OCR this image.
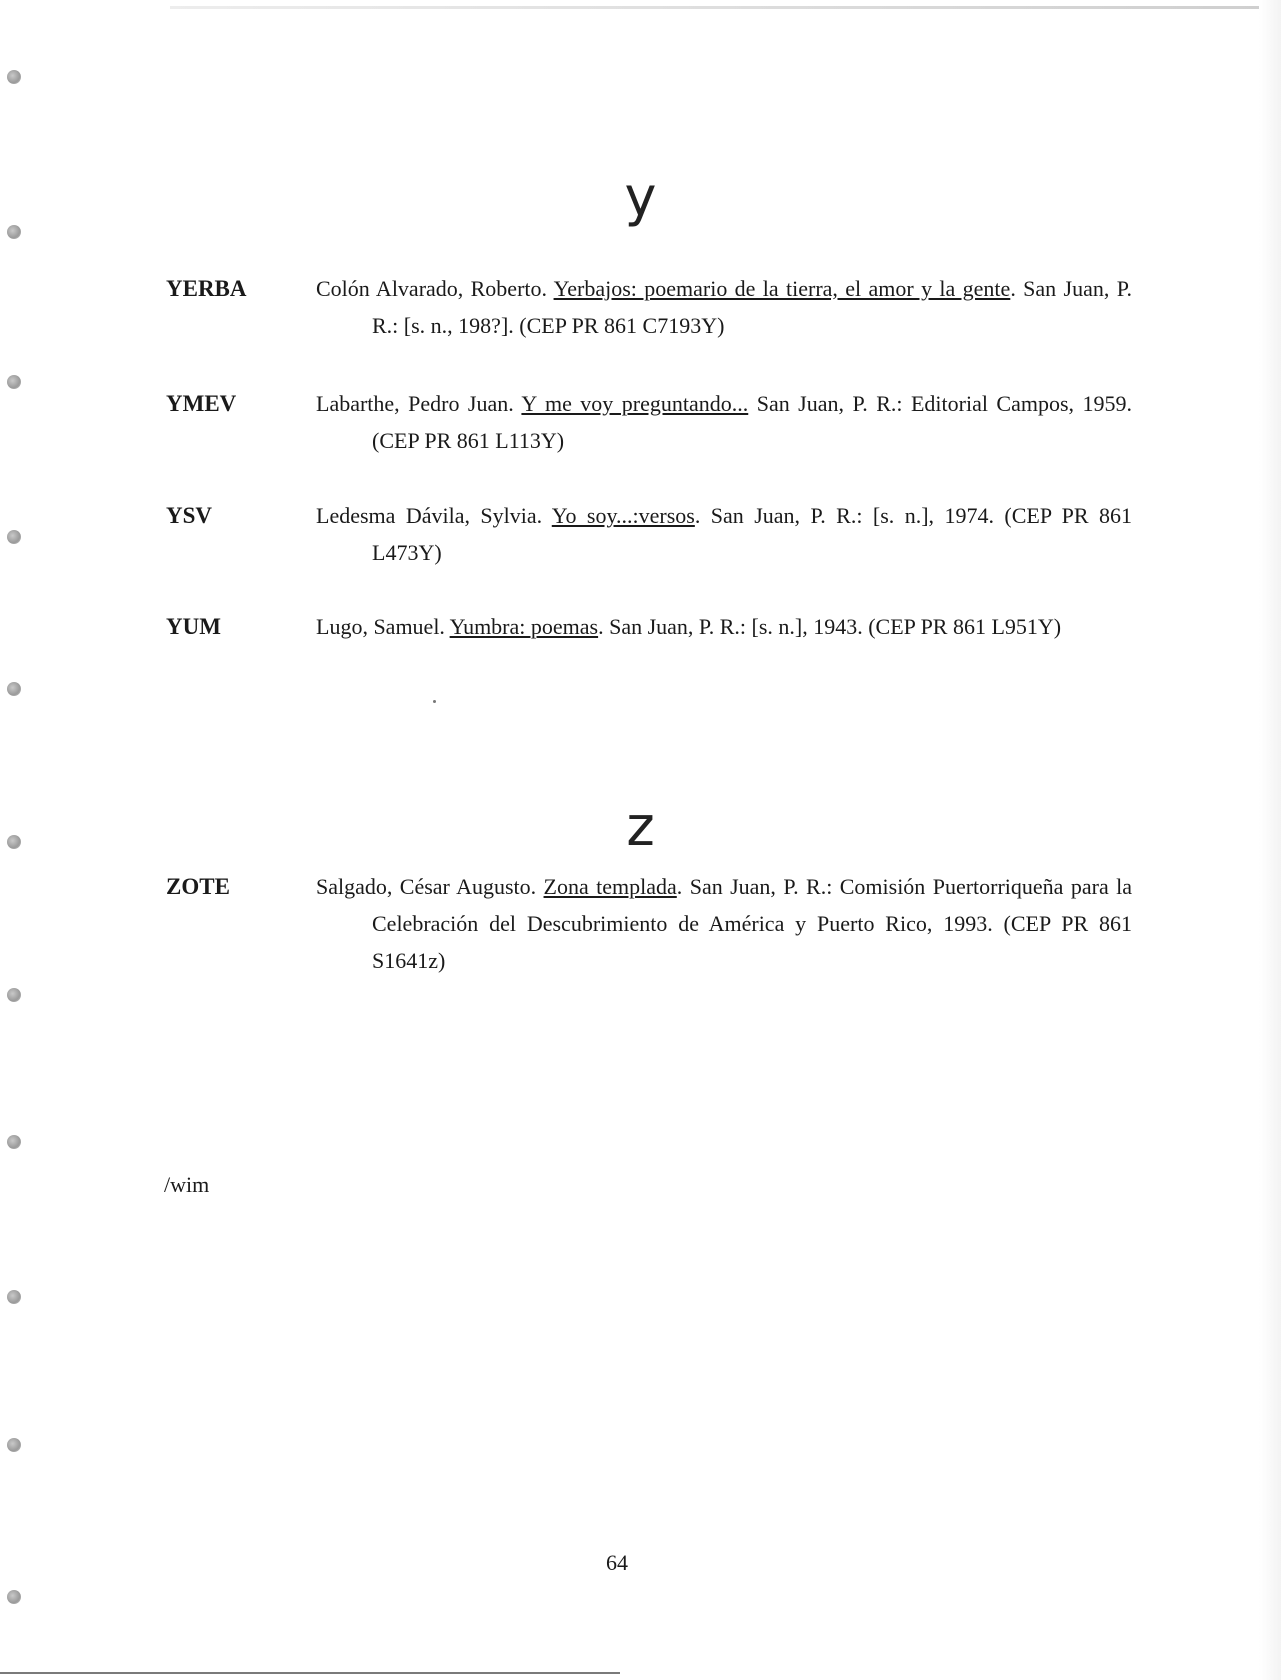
y
YERBA	Colón Alvarado, Roberto. Yerbajos: poemario de la tierra, el amor y la gente. San Juan, P. R.: [s. n., 198?]. (CEP PR 861 C7193Y)
YMEV	Labarthe, Pedro Juan. Y me voy preguntando... San Juan, P. R.: Editorial Campos, 1959. (CEP PR 861 L113Y)
YSV	Ledesma Dávila, Sylvia. Yo soy...:versos. San Juan, P. R.: [s. n.], 1974. (CEP PR 861 L473Y)
YUM	Lugo, Samuel. Yumbra: poemas. San Juan, P. R.: [s. n.], 1943. (CEP PR 861 L951Y)
z
ZOTE	Salgado, César Augusto. Zona templada. San Juan, P. R.: Comisión Puertorriqueña para la Celebración del Descubrimiento de América y Puerto Rico, 1993. (CEP PR 861 S1641z)
/wim
64
